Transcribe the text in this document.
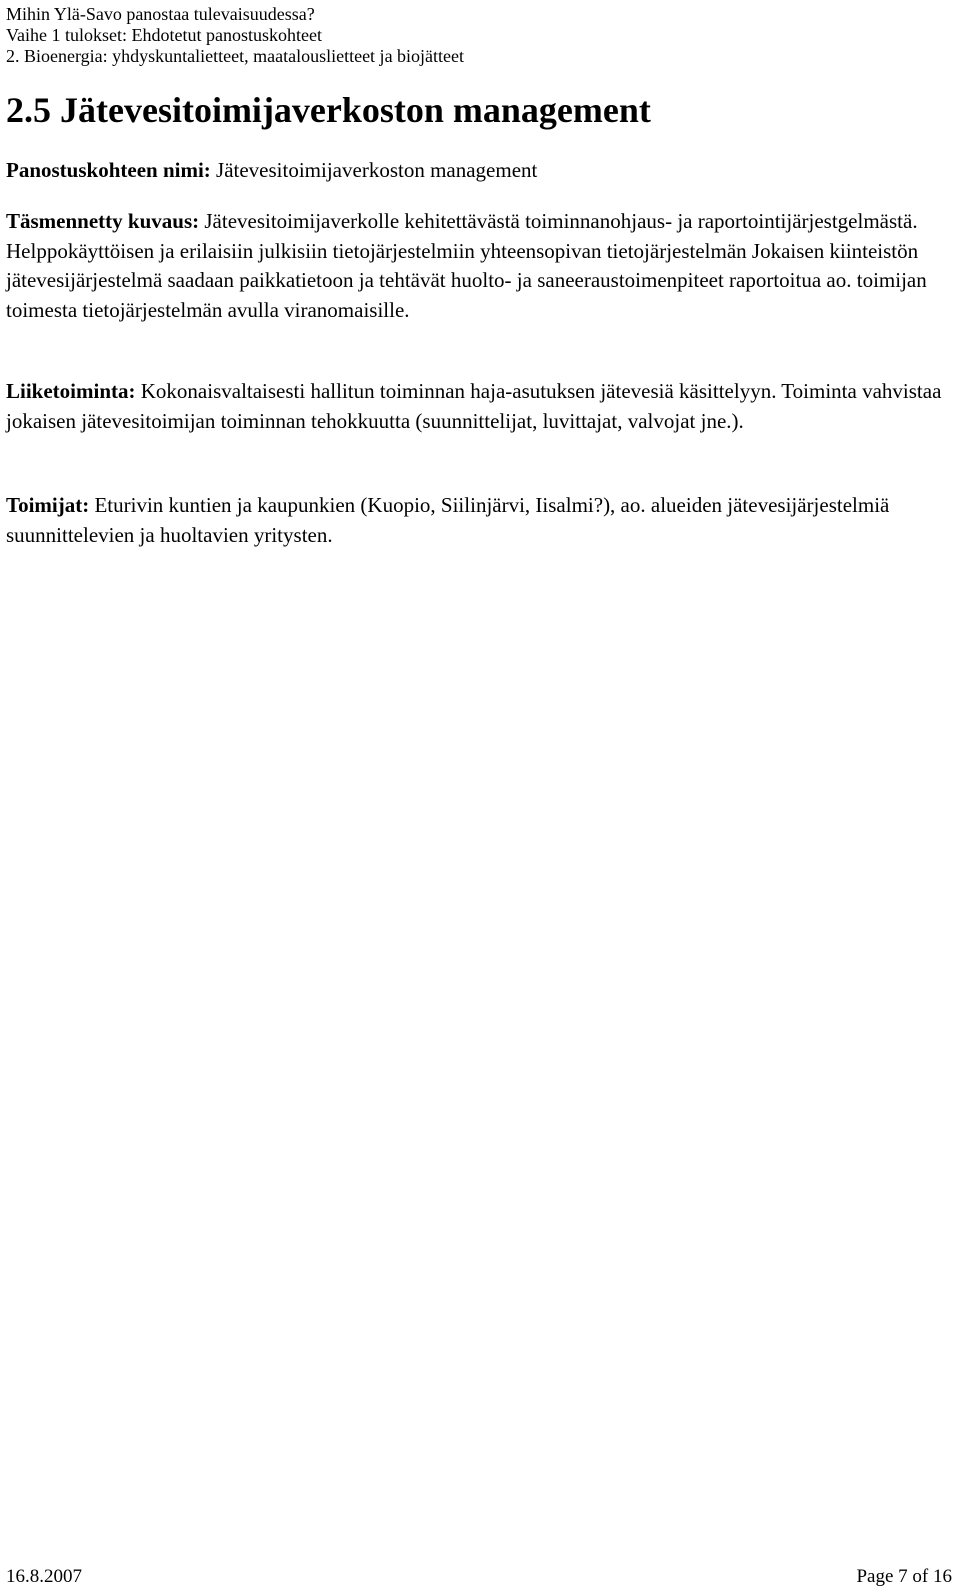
Mihin Ylä-Savo panostaa tulevaisuudessa?
Vaihe 1 tulokset: Ehdotetut panostuskohteet
2. Bioenergia: yhdyskuntalietteet, maatalouslietteet ja biojätteet
2.5 Jätevesitoimijaverkoston management

Panostuskohteen nimi: Jätevesitoimijaverkoston management

Täsmennetty kuvaus: Jätevesitoimijaverkolle kehitettävästä toiminnanohjaus- ja raportointijärjestgelmästä. Helppokäyttöisen ja erilaisiin julkisiin tietojärjestelmiin yhteensopivan tietojärjestelmän Jokaisen kiinteistön jätevesijärjestelmä saadaan paikkatietoon ja tehtävät huolto- ja saneeraustoimenpiteet raportoitua ao. toimijan toimesta tietojärjestelmän avulla viranomaisille.

Liiketoiminta: Kokonaisvaltaisesti hallitun toiminnan haja-asutuksen jätevesiä käsittelyyn. Toiminta vahvistaa jokaisen jätevesitoimijan toiminnan tehokkuutta (suunnittelijat, luvittajat, valvojat jne.).

Toimijat: Eturivin kuntien ja kaupunkien (Kuopio, Siilinjärvi, Iisalmi?), ao. alueiden jätevesijärjestelmiä suunnittelevien ja huoltavien yritysten.

16.8.2007	Page 7 of 16
